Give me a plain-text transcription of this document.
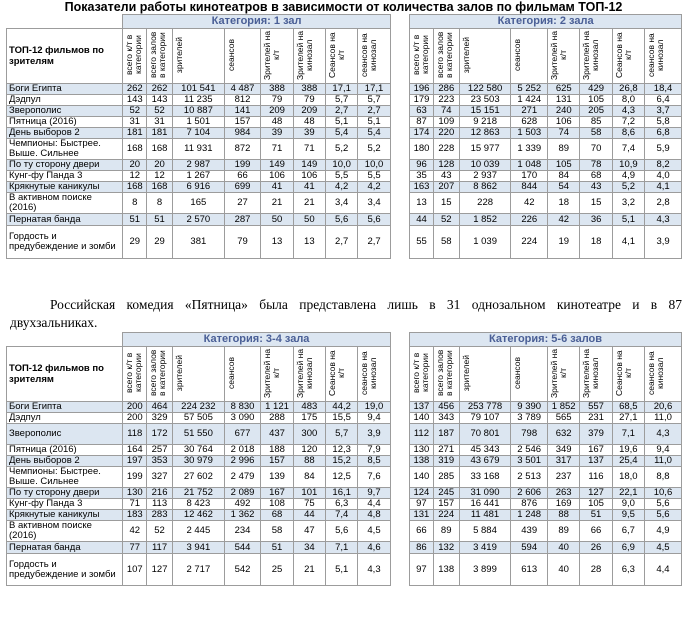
Показатели работы кинотеатров в зависимости от количества залов по фильмам ТОП-12
	Категория: 1 зал									Категория: 2 зала							
ТОП-12 фильмов по зрителям	всего к/т в категории	всего залов в категории	зрителей	сеансов	Зрителей на к/т	Зрителей на кинозал	Сеансов на к/т	сеансов на кинозал		всего к/т в категории	всего залов в категории	зрителей	сеансов	Зрителей на к/т	Зрителей на кинозал	Сеансов на к/т	сеансов на кинозал
Боги Египта	262	262	101 541	4 487	388	388	17,1	17,1		196	286	122 580	5 252	625	429	26,8	18,4
Дэдпул	143	143	11 235	812	79	79	5,7	5,7		179	223	23 503	1 424	131	105	8,0	6,4
Зверополис	52	52	10 887	141	209	209	2,7	2,7		63	74	15 151	271	240	205	4,3	3,7
Пятница (2016)	31	31	1 501	157	48	48	5,1	5,1		87	109	9 218	628	106	85	7,2	5,8
День выборов 2	181	181	7 104	984	39	39	5,4	5,4		174	220	12 863	1 503	74	58	8,6	6,8
Чемпионы: Быстрее. Выше. Сильнее	168	168	11 931	872	71	71	5,2	5,2		180	228	15 977	1 339	89	70	7,4	5,9
По ту сторону двери	20	20	2 987	199	149	149	10,0	10,0		96	128	10 039	1 048	105	78	10,9	8,2
Кунг-фу Панда 3	12	12	1 267	66	106	106	5,5	5,5		35	43	2 937	170	84	68	4,9	4,0
Крякнутые каникулы	168	168	6 916	699	41	41	4,2	4,2		163	207	8 862	844	54	43	5,2	4,1
В активном поиске (2016)	8	8	165	27	21	21	3,4	3,4		13	15	228	42	18	15	3,2	2,8
Пернатая банда	51	51	2 570	287	50	50	5,6	5,6		44	52	1 852	226	42	36	5,1	4,3
Гордость и предубеждение и зомби	29	29	381	79	13	13	2,7	2,7		55	58	1 039	224	19	18	4,1	3,9
Российская комедия «Пятница» была представлена лишь в 31 однозальном кинотеатре и в 87
двухзальниках.
	Категория: 3-4 зала									Категория: 5-6 залов							
ТОП-12 фильмов по зрителям	всего к/т в категории	всего залов в категории	зрителей	сеансов	Зрителей на к/т	Зрителей на кинозал	Сеансов на к/т	сеансов на кинозал		всего к/т в категории	всего залов в категории	зрителей	сеансов	Зрителей на к/т	Зрителей на кинозал	Сеансов на к/т	сеансов на кинозал
Боги Египта	200	464	224 232	8 830	1 121	483	44,2	19,0		137	456	253 778	9 390	1 852	557	68,5	20,6
Дэдпул	200	329	57 505	3 090	288	175	15,5	9,4		140	343	79 107	3 789	565	231	27,1	11,0
Зверополис	118	172	51 550	677	437	300	5,7	3,9		112	187	70 801	798	632	379	7,1	4,3
Пятница (2016)	164	257	30 764	2 018	188	120	12,3	7,9		130	271	45 343	2 546	349	167	19,6	9,4
День выборов 2	197	353	30 979	2 996	157	88	15,2	8,5		138	319	43 679	3 501	317	137	25,4	11,0
Чемпионы: Быстрее. Выше. Сильнее	199	327	27 602	2 479	139	84	12,5	7,6		140	285	33 168	2 513	237	116	18,0	8,8
По ту сторону двери	130	216	21 752	2 089	167	101	16,1	9,7		124	245	31 090	2 606	263	127	22,1	10,6
Кунг-фу Панда 3	71	113	8 423	492	108	75	6,3	4,4		97	157	16 441	876	169	105	9,0	5,6
Крякнутые каникулы	183	283	12 462	1 362	68	44	7,4	4,8		131	224	11 481	1 248	88	51	9,5	5,6
В активном поиске (2016)	42	52	2 445	234	58	47	5,6	4,5		66	89	5 884	439	89	66	6,7	4,9
Пернатая банда	77	117	3 941	544	51	34	7,1	4,6		86	132	3 419	594	40	26	6,9	4,5
Гордость и предубеждение и зомби	107	127	2 717	542	25	21	5,1	4,3		97	138	3 899	613	40	28	6,3	4,4
